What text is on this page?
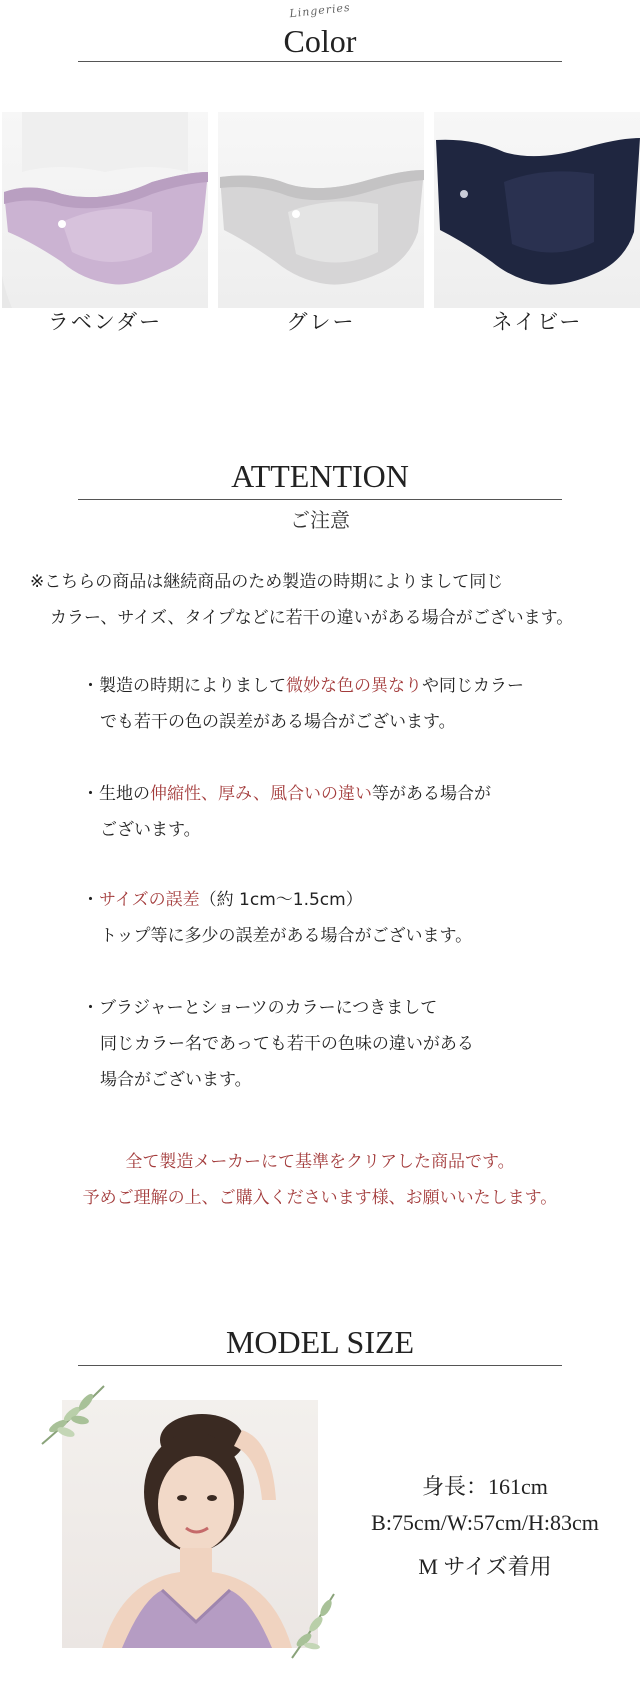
Lingeries
Color
ラベンダー	グレー	ネイビー
ATTENTION
ご注意
※こちらの商品は継続商品のため製造の時期によりまして同じ
カラー、サイズ、タイプなどに若干の違いがある場合がございます。
・製造の時期によりまして微妙な色の異なりや同じカラー
でも若干の色の誤差がある場合がございます。
・生地の伸縮性、厚み、風合いの違い等がある場合が
ございます。
・サイズの誤差（約 1cm〜1.5cm）
トップ等に多少の誤差がある場合がございます。
・ブラジャーとショーツのカラーにつきまして
同じカラー名であっても若干の色味の違いがある
場合がございます。
全て製造メーカーにて基準をクリアした商品です。
予めご理解の上、ご購入くださいます様、お願いいたします。
MODEL SIZE
身長：161cm
B:75cm/W:57cm/H:83cm
M サイズ着用
